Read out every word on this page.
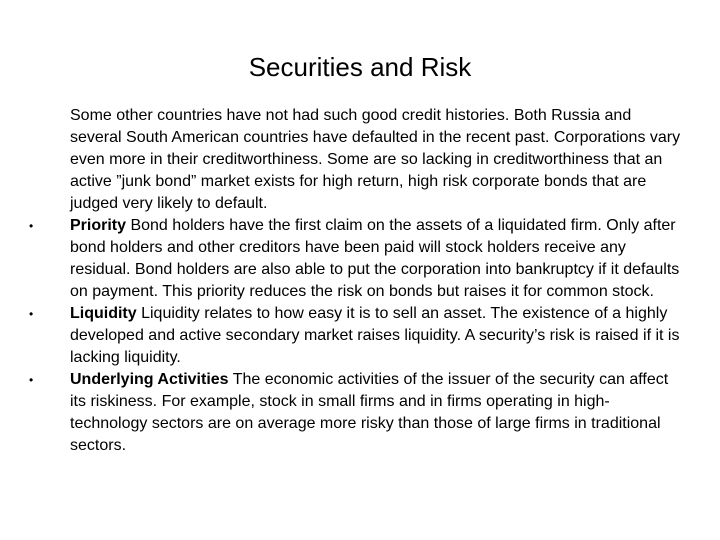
Securities and Risk

Some other countries have not had such good credit histories. Both Russia and several South American countries have defaulted in the recent past. Corporations vary even more in their creditworthiness. Some are so lacking in creditworthiness that an active ”junk bond” market exists for high return, high risk corporate bonds that are judged very likely to default.

• Priority Bond holders have the first claim on the assets of a liquidated firm. Only after bond holders and other creditors have been paid will stock holders receive any residual. Bond holders are also able to put the corporation into bankruptcy if it defaults on payment. This priority reduces the risk on bonds but raises it for common stock.
• Liquidity Liquidity relates to how easy it is to sell an asset. The existence of a highly developed and active secondary market raises liquidity. A security’s risk is raised if it is lacking liquidity.
• Underlying Activities The economic activities of the issuer of the security can affect its riskiness. For example, stock in small firms and in firms operating in high-technology sectors are on average more risky than those of large firms in traditional sectors.
